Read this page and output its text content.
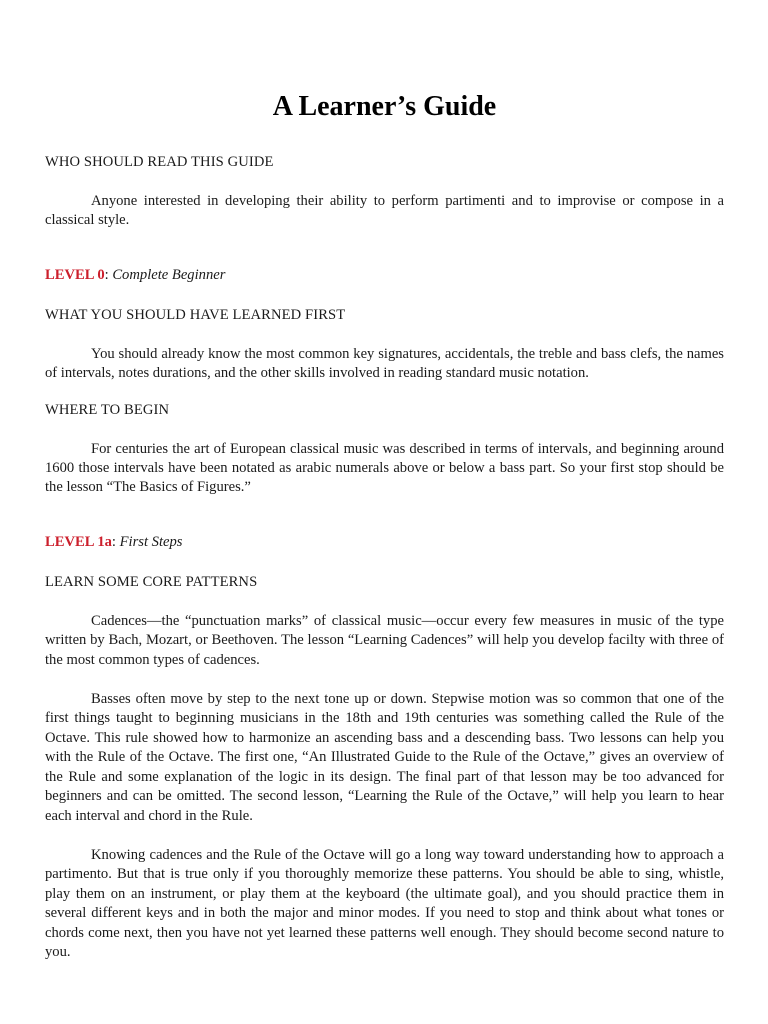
A Learner’s Guide

WHO SHOULD READ THIS GUIDE

Anyone interested in developing their ability to perform partimenti and to improvise or compose in a classical style.

LEVEL 0: Complete Beginner

WHAT YOU SHOULD HAVE LEARNED FIRST

You should already know the most common key signatures, accidentals, the treble and bass clefs, the names of intervals, notes durations, and the other skills involved in reading standard music notation.

WHERE TO BEGIN

For centuries the art of European classical music was described in terms of intervals, and beginning around 1600 those intervals have been notated as arabic numerals above or below a bass part. So your first stop should be the lesson “The Basics of Figures.”

LEVEL 1a: First Steps

LEARN SOME CORE PATTERNS

Cadences—the “punctuation marks” of classical music—occur every few measures in music of the type written by Bach, Mozart, or Beethoven. The lesson “Learning Cadences” will help you develop facilty with three of the most common types of cadences.

Basses often move by step to the next tone up or down. Stepwise motion was so common that one of the first things taught to beginning musicians in the 18th and 19th centuries was something called the Rule of the Octave. This rule showed how to harmonize an ascending bass and a descending bass. Two lessons can help you with the Rule of the Octave. The first one, “An Illustrated Guide to the Rule of the Octave,” gives an overview of the Rule and some explanation of the logic in its design. The final part of that lesson may be too advanced for beginners and can be omitted. The second lesson, “Learning the Rule of the Octave,” will help you learn to hear each interval and chord in the Rule.

Knowing cadences and the Rule of the Octave will go a long way toward understanding how to approach a partimento. But that is true only if you thoroughly memorize these patterns. You should be able to sing, whistle, play them on an instrument, or play them at the keyboard (the ultimate goal), and you should practice them in several different keys and in both the major and minor modes. If you need to stop and think about what tones or chords come next, then you have not yet learned these patterns well enough. They should become second nature to you.
